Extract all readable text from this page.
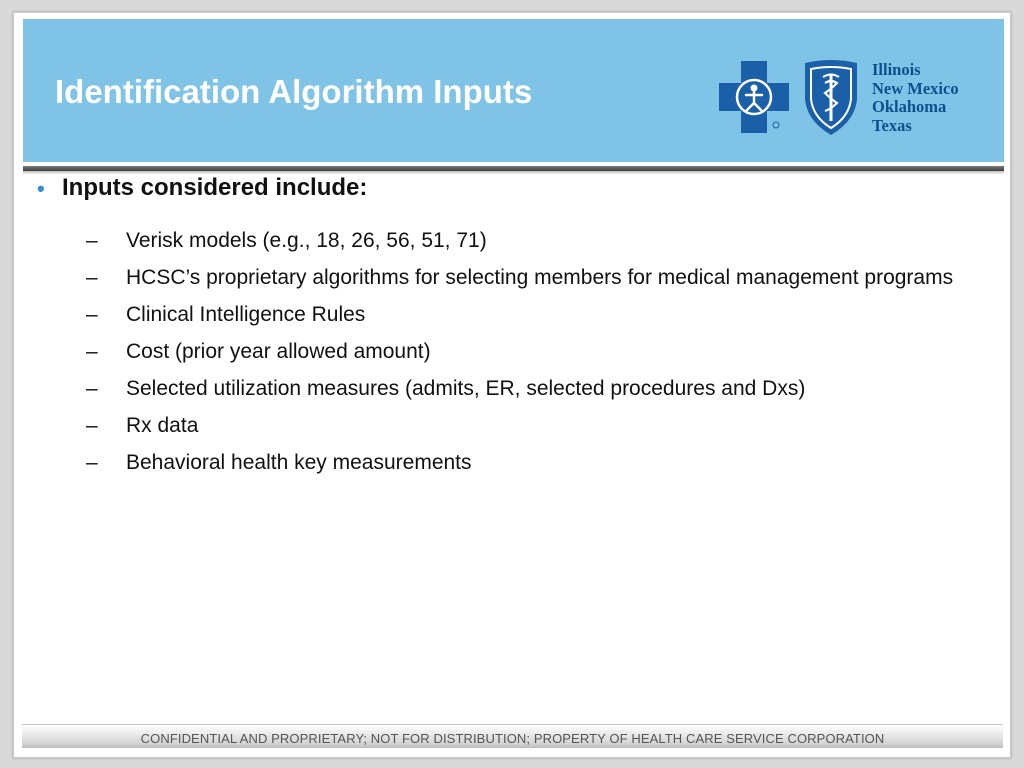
Identification Algorithm Inputs
Illinois
New Mexico
Oklahoma
Texas
• Inputs considered include:
– Verisk models (e.g., 18, 26, 56, 51, 71)
– HCSC’s proprietary algorithms for selecting members for medical management programs
– Clinical Intelligence Rules
– Cost (prior year allowed amount)
– Selected utilization measures (admits, ER, selected procedures and Dxs)
– Rx data
– Behavioral health key measurements
CONFIDENTIAL AND PROPRIETARY; NOT FOR DISTRIBUTION; PROPERTY OF HEALTH CARE SERVICE CORPORATION
